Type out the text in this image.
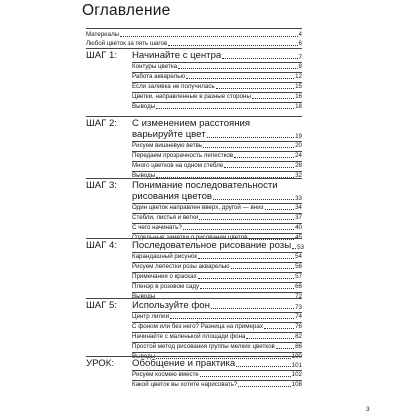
Оглавление
Материалы	4
Любой цветок за пять шагов	6
ШАГ 1: Начинайте с центра	7
Контуры цветка	8
Работа акварелью	12
Если заливка не получилась	15
Цветки, направленные в разные стороны	16
Выводы	18
ШАГ 2: С изменением расстояния
варьируйте цвет	19
Рисуем вишневую ветвь	20
Передаем прозрачность лепестков	24
Много цветков на одном стебле	28
Выводы	32
ШАГ 3: Понимание последовательности
рисования цветов	33
Один цветок направлен вверх, другой — вниз	34
Стебли, листья и ветки	37
С чего начинать?	40
Отдельные заметки о рисовании цветов	45
ШАГ 4: Последовательное рисование розы 53
Карандашный рисунок	54
Рисуем лепестки розы акварелью	56
Примечания о красках	57
Пленэр в розовом саду	66
Выводы	72
ШАГ 5: Используйте фон	73
Центр лилии	74
С фоном или без него? Разница на примерах	76
Начинайте с маленькой площади фона	82
Простой метод рисования группы мелких цветков	86
Выводы	100
УРОК: Обобщение и практика	101
Рисуем космею вместе	102
Какой цветок вы хотите нарисовать?	108
3
